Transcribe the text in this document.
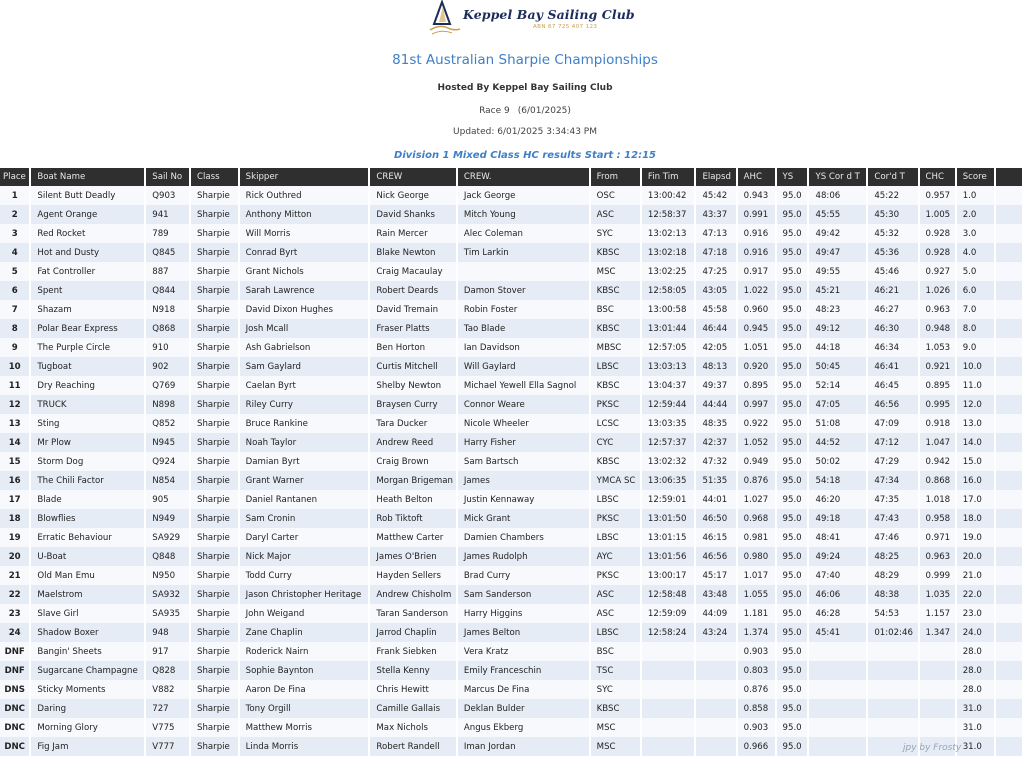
Keppel Bay Sailing Club
ABN 67 725 407 123
81st Australian Sharpie Championships
Hosted By Keppel Bay Sailing Club
Race 9 (6/01/2025)
Updated: 6/01/2025 3:34:43 PM
Division 1 Mixed Class HC results Start : 12:15
Place	Boat Name	Sail No	Class	Skipper	CREW	CREW.	From	Fin Tim	Elapsd	AHC	YS	YS Cor d T	Cor'd T	CHC	Score	
1	Silent Butt Deadly	Q903	Sharpie	Rick Outhred	Nick George	Jack George	OSC	13:00:42	45:42	0.943	95.0	48:06	45:22	0.957	1.0	
2	Agent Orange	941	Sharpie	Anthony Mitton	David Shanks	Mitch Young	ASC	12:58:37	43:37	0.991	95.0	45:55	45:30	1.005	2.0	
3	Red Rocket	789	Sharpie	Will Morris	Rain Mercer	Alec Coleman	SYC	13:02:13	47:13	0.916	95.0	49:42	45:32	0.928	3.0	
4	Hot and Dusty	Q845	Sharpie	Conrad Byrt	Blake Newton	Tim Larkin	KBSC	13:02:18	47:18	0.916	95.0	49:47	45:36	0.928	4.0	
5	Fat Controller	887	Sharpie	Grant Nichols	Craig Macaulay		MSC	13:02:25	47:25	0.917	95.0	49:55	45:46	0.927	5.0	
6	Spent	Q844	Sharpie	Sarah Lawrence	Robert Deards	Damon Stover	KBSC	12:58:05	43:05	1.022	95.0	45:21	46:21	1.026	6.0	
7	Shazam	N918	Sharpie	David Dixon Hughes	David Tremain	Robin Foster	BSC	13:00:58	45:58	0.960	95.0	48:23	46:27	0.963	7.0	
8	Polar Bear Express	Q868	Sharpie	Josh Mcall	Fraser Platts	Tao Blade	KBSC	13:01:44	46:44	0.945	95.0	49:12	46:30	0.948	8.0	
9	The Purple Circle	910	Sharpie	Ash Gabrielson	Ben Horton	Ian Davidson	MBSC	12:57:05	42:05	1.051	95.0	44:18	46:34	1.053	9.0	
10	Tugboat	902	Sharpie	Sam Gaylard	Curtis Mitchell	Will Gaylard	LBSC	13:03:13	48:13	0.920	95.0	50:45	46:41	0.921	10.0	
11	Dry Reaching	Q769	Sharpie	Caelan Byrt	Shelby Newton	Michael Yewell Ella Sagnol	KBSC	13:04:37	49:37	0.895	95.0	52:14	46:45	0.895	11.0	
12	TRUCK	N898	Sharpie	Riley Curry	Braysen Curry	Connor Weare	PKSC	12:59:44	44:44	0.997	95.0	47:05	46:56	0.995	12.0	
13	Sting	Q852	Sharpie	Bruce Rankine	Tara Ducker	Nicole Wheeler	LCSC	13:03:35	48:35	0.922	95.0	51:08	47:09	0.918	13.0	
14	Mr Plow	N945	Sharpie	Noah Taylor	Andrew Reed	Harry Fisher	CYC	12:57:37	42:37	1.052	95.0	44:52	47:12	1.047	14.0	
15	Storm Dog	Q924	Sharpie	Damian Byrt	Craig Brown	Sam Bartsch	KBSC	13:02:32	47:32	0.949	95.0	50:02	47:29	0.942	15.0	
16	The Chili Factor	N854	Sharpie	Grant Warner	Morgan Brigeman	James	YMCA SC	13:06:35	51:35	0.876	95.0	54:18	47:34	0.868	16.0	
17	Blade	905	Sharpie	Daniel Rantanen	Heath Belton	Justin Kennaway	LBSC	12:59:01	44:01	1.027	95.0	46:20	47:35	1.018	17.0	
18	Blowflies	N949	Sharpie	Sam Cronin	Rob Tiktoft	Mick Grant	PKSC	13:01:50	46:50	0.968	95.0	49:18	47:43	0.958	18.0	
19	Erratic Behaviour	SA929	Sharpie	Daryl Carter	Matthew Carter	Damien Chambers	LBSC	13:01:15	46:15	0.981	95.0	48:41	47:46	0.971	19.0	
20	U-Boat	Q848	Sharpie	Nick Major	James O'Brien	James Rudolph	AYC	13:01:56	46:56	0.980	95.0	49:24	48:25	0.963	20.0	
21	Old Man Emu	N950	Sharpie	Todd Curry	Hayden Sellers	Brad Curry	PKSC	13:00:17	45:17	1.017	95.0	47:40	48:29	0.999	21.0	
22	Maelstrom	SA932	Sharpie	Jason Christopher Heritage	Andrew Chisholm	Sam Sanderson	ASC	12:58:48	43:48	1.055	95.0	46:06	48:38	1.035	22.0	
23	Slave Girl	SA935	Sharpie	John Weigand	Taran Sanderson	Harry Higgins	ASC	12:59:09	44:09	1.181	95.0	46:28	54:53	1.157	23.0	
24	Shadow Boxer	948	Sharpie	Zane Chaplin	Jarrod Chaplin	James Belton	LBSC	12:58:24	43:24	1.374	95.0	45:41	01:02:46	1.347	24.0	
DNF	Bangin' Sheets	917	Sharpie	Roderick Nairn	Frank Siebken	Vera Kratz	BSC			0.903	95.0				28.0	
DNF	Sugarcane Champagne	Q828	Sharpie	Sophie Baynton	Stella Kenny	Emily Franceschin	TSC			0.803	95.0				28.0	
DNS	Sticky Moments	V882	Sharpie	Aaron De Fina	Chris Hewitt	Marcus De Fina	SYC			0.876	95.0				28.0	
DNC	Daring	727	Sharpie	Tony Orgill	Camille Gallais	Deklan Bulder	KBSC			0.858	95.0				31.0	
DNC	Morning Glory	V775	Sharpie	Matthew Morris	Max Nichols	Angus Ekberg	MSC			0.903	95.0				31.0	
DNC	Fig Jam	V777	Sharpie	Linda Morris	Robert Randell	Iman Jordan	MSC			0.966	95.0				31.0	
jpy by Frosty
